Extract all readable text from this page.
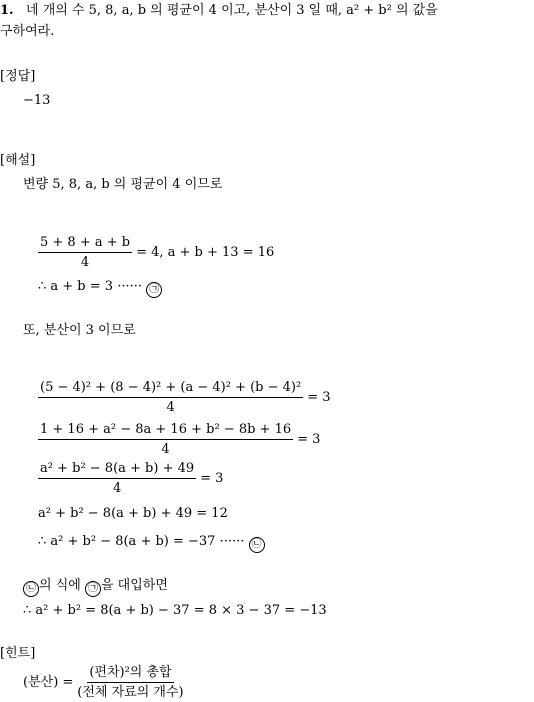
1. 네 개의 수 5, 8, a, b 의 평균이 4 이고, 분산이 3 일 때, a² + b² 의 값을
구하여라.
[정답]
−13
[해설]
변량 5, 8, a, b 의 평균이 4 이므로
$\frac{5 + 8 + a + b}{4} = 4$, a + b + 13 = 16
∴ a + b = 3 ······ ㉠
또, 분산이 3 이므로
$\frac{\text{(5 − 4)² + (8 − 4)² + (a − 4)² + (b − 4)²}}{4} = 3$
$\frac{\text{1 + 16 + a² − 8a + 16 + b² − 8b + 16}}{4} = 3$
$\frac{\text{a² + b² − 8(a + b) + 49}}{4} = 3$
a² + b² − 8(a + b) + 49 = 12
∴ a² + b² − 8(a + b) = −37 ······ ㉡
㉡ 의 식에 ㉠ 을 대입하면
∴ a² + b² = 8(a + b) − 37 = 8 × 3 − 37 = −13
[힌트]
(분산) = $\frac{\text{(편차)²의 총합}}{\text{(전체 자료의 개수)}}$
